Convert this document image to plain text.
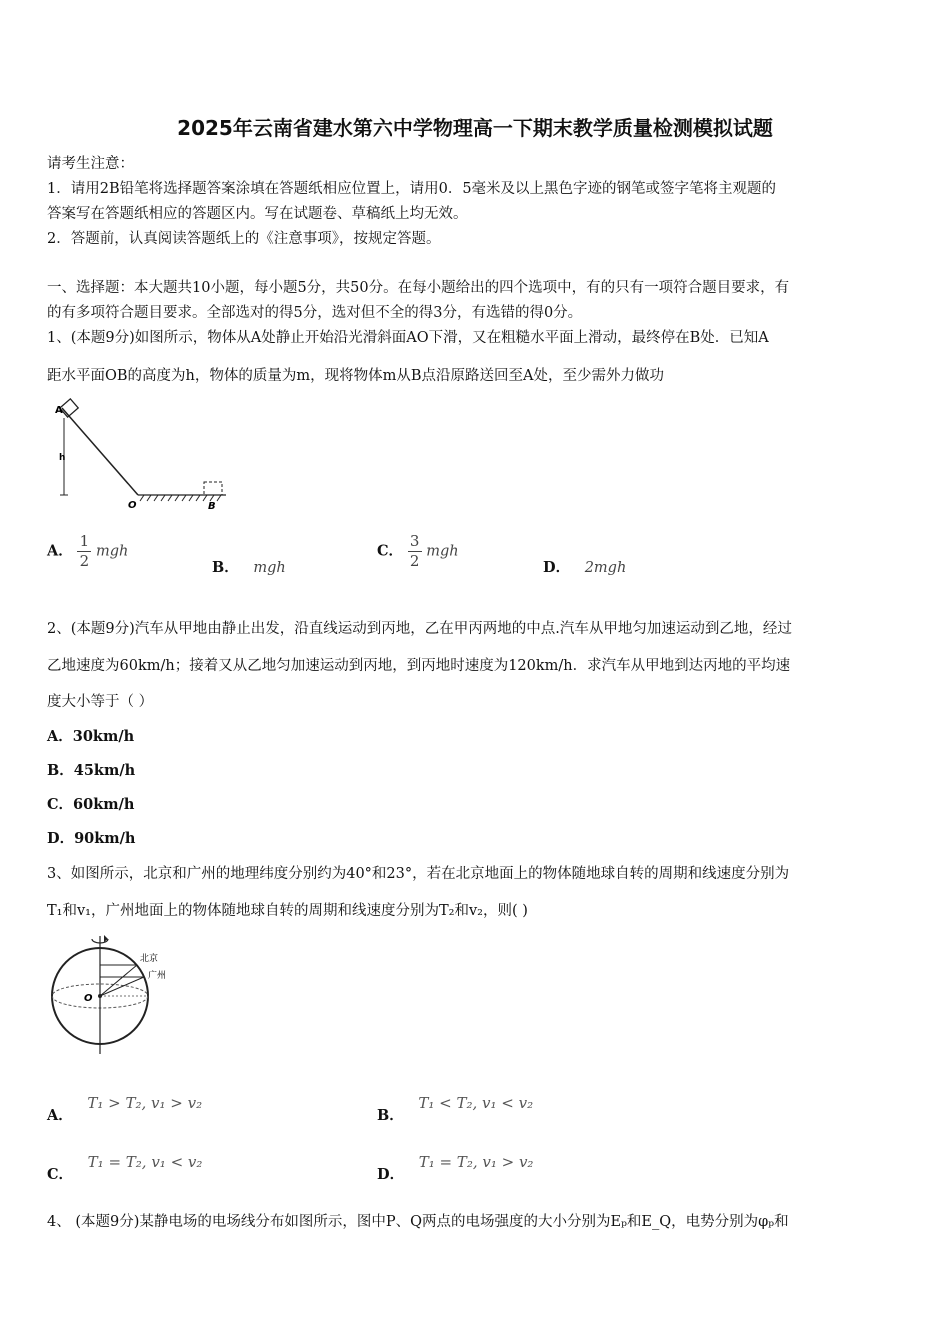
2025年云南省建水第六中学物理高一下期末教学质量检测模拟试题
请考生注意：
1．请用2B铅笔将选择题答案涂填在答题纸相应位置上，请用0．5毫米及以上黑色字迹的钢笔或签字笔将主观题的
答案写在答题纸相应的答题区内。写在试题卷、草稿纸上均无效。
2．答题前，认真阅读答题纸上的《注意事项》，按规定答题。
一、选择题：本大题共10小题，每小题5分，共50分。在每小题给出的四个选项中，有的只有一项符合题目要求，有
的有多项符合题目要求。全部选对的得5分，选对但不全的得3分，有选错的得0分。
1、(本题9分)如图所示，物体从A处静止开始沿光滑斜面AO下滑，又在粗糙水平面上滑动，最终停在B处．已知A
距水平面OB的高度为h，物体的质量为m，现将物体m从B点沿原路送回至A处，至少需外力做功
A
h
O	B
A． $\frac{1}{2}$ mgh
B． mgh
C． $\frac{3}{2}$ mgh
D． 2mgh
2、(本题9分)汽车从甲地由静止出发，沿直线运动到丙地，乙在甲丙两地的中点.汽车从甲地匀加速运动到乙地，经过
乙地速度为60km/h；接着又从乙地匀加速运动到丙地，到丙地时速度为120km/h．求汽车从甲地到达丙地的平均速
度大小等于（ ）
A．30km/h
B．45km/h
C．60km/h
D．90km/h
3、如图所示，北京和广州的地理纬度分别约为40°和23°，若在北京地面上的物体随地球自转的周期和线速度分别为
T₁和v₁，广州地面上的物体随地球自转的周期和线速度分别为T₂和v₂，则( )
北京
广州
O
A． T₁ > T₂, v₁ > v₂
B． T₁ < T₂, v₁ < v₂
C． T₁ = T₂, v₁ < v₂
D． T₁ = T₂, v₁ > v₂
4、 (本题9分)某静电场的电场线分布如图所示，图中P、Q两点的电场强度的大小分别为Eₚ和E_Q，电势分别为φₚ和
